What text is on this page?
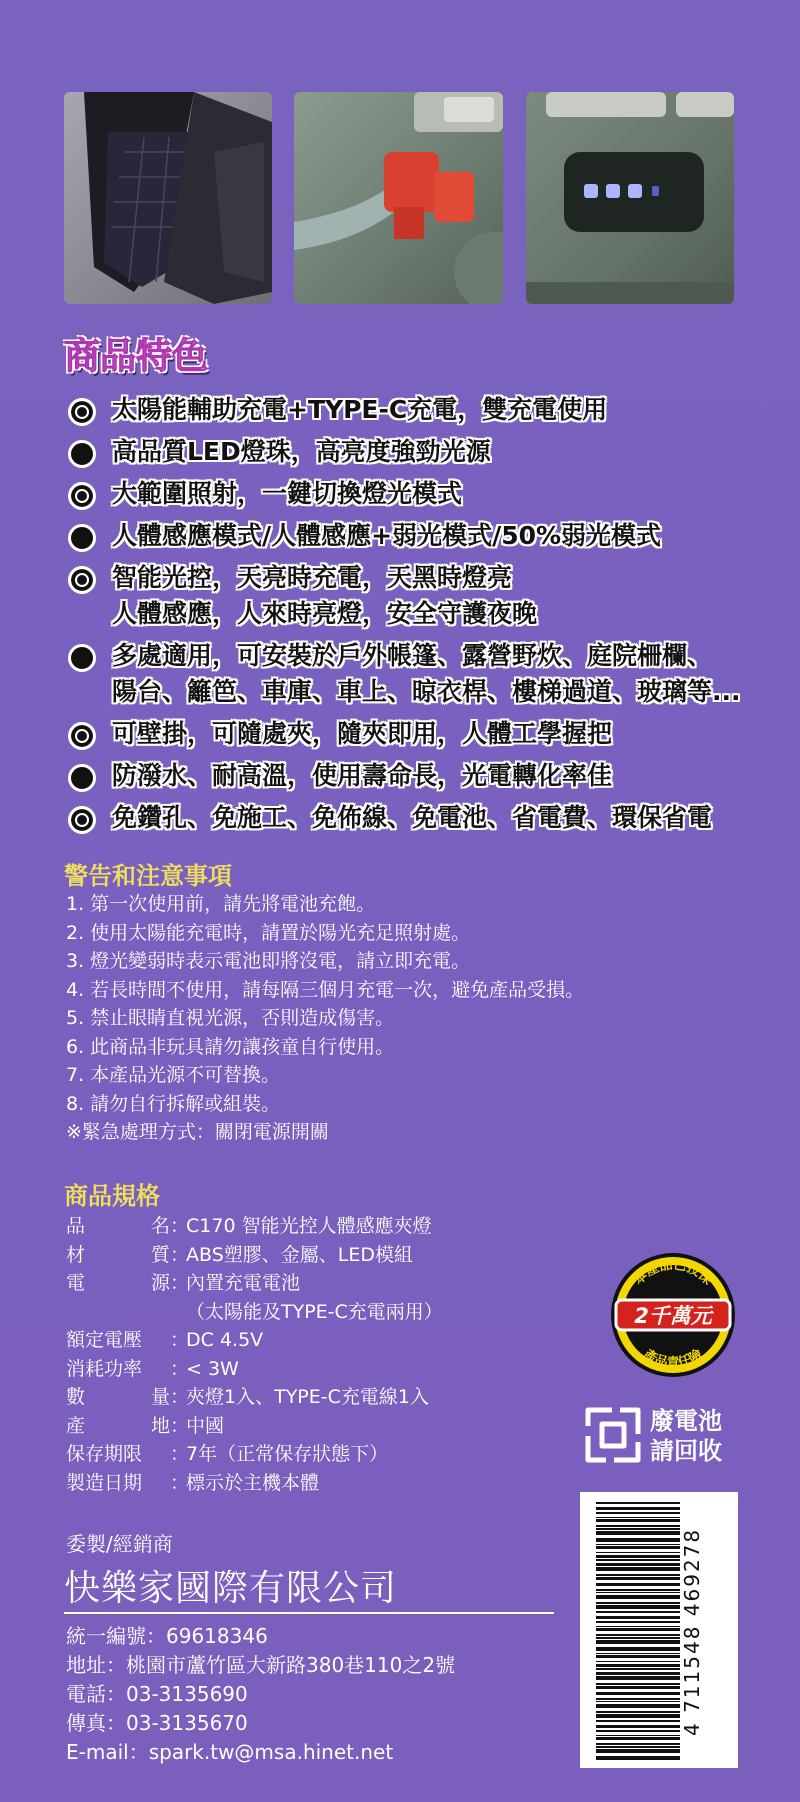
商品特色
太陽能輔助充電+TYPE-C充電，雙充電使用
高品質LED燈珠，高亮度強勁光源
大範圍照射，一鍵切換燈光模式
人體感應模式/人體感應+弱光模式/50%弱光模式
智能光控，天亮時充電，天黑時燈亮
人體感應，人來時亮燈，安全守護夜晚
多處適用，可安裝於戶外帳篷、露營野炊、庭院柵欄、
陽台、籬笆、車庫、車上、晾衣桿、樓梯過道、玻璃等...
可壁掛，可隨處夾，隨夾即用，人體工學握把
防潑水、耐高溫，使用壽命長，光電轉化率佳
免鑽孔、免施工、免佈線、免電池、省電費、環保省電
警告和注意事項
1. 第一次使用前，請先將電池充飽。
2. 使用太陽能充電時，請置於陽光充足照射處。
3. 燈光變弱時表示電池即將沒電，請立即充電。
4. 若長時間不使用，請每隔三個月充電一次，避免產品受損。
5. 禁止眼睛直視光源，否則造成傷害。
6. 此商品非玩具請勿讓孩童自行使用。
7. 本產品光源不可替換。
8. 請勿自行拆解或組裝。
※緊急處理方式：關閉電源開關
商品規格
品	名 ：
C170 智能光控人體感應夾燈
材	質 ：
ABS塑膠、金屬、LED模組
電	源 ：
內置充電電池
（太陽能及TYPE-C充電兩用）
額定電壓 ：
DC 4.5V
消耗功率 ：
< 3W
數	量 ：
夾燈1入、TYPE-C充電線1入
產	地 ：
中國
保存期限 ：
7年（正常保存狀態下）
製造日期 ：
標示於主機本體
委製/經銷商
快樂家國際有限公司
統一編號：69618346
地址：桃園市蘆竹區大新路380巷110之2號
電話：03-3135690
傳真：03-3135670
E-mail：spark.tw@msa.hinet.net
本產品已投保
2千萬元
產品責任險
廢電池
請回收
4 711548 469278
